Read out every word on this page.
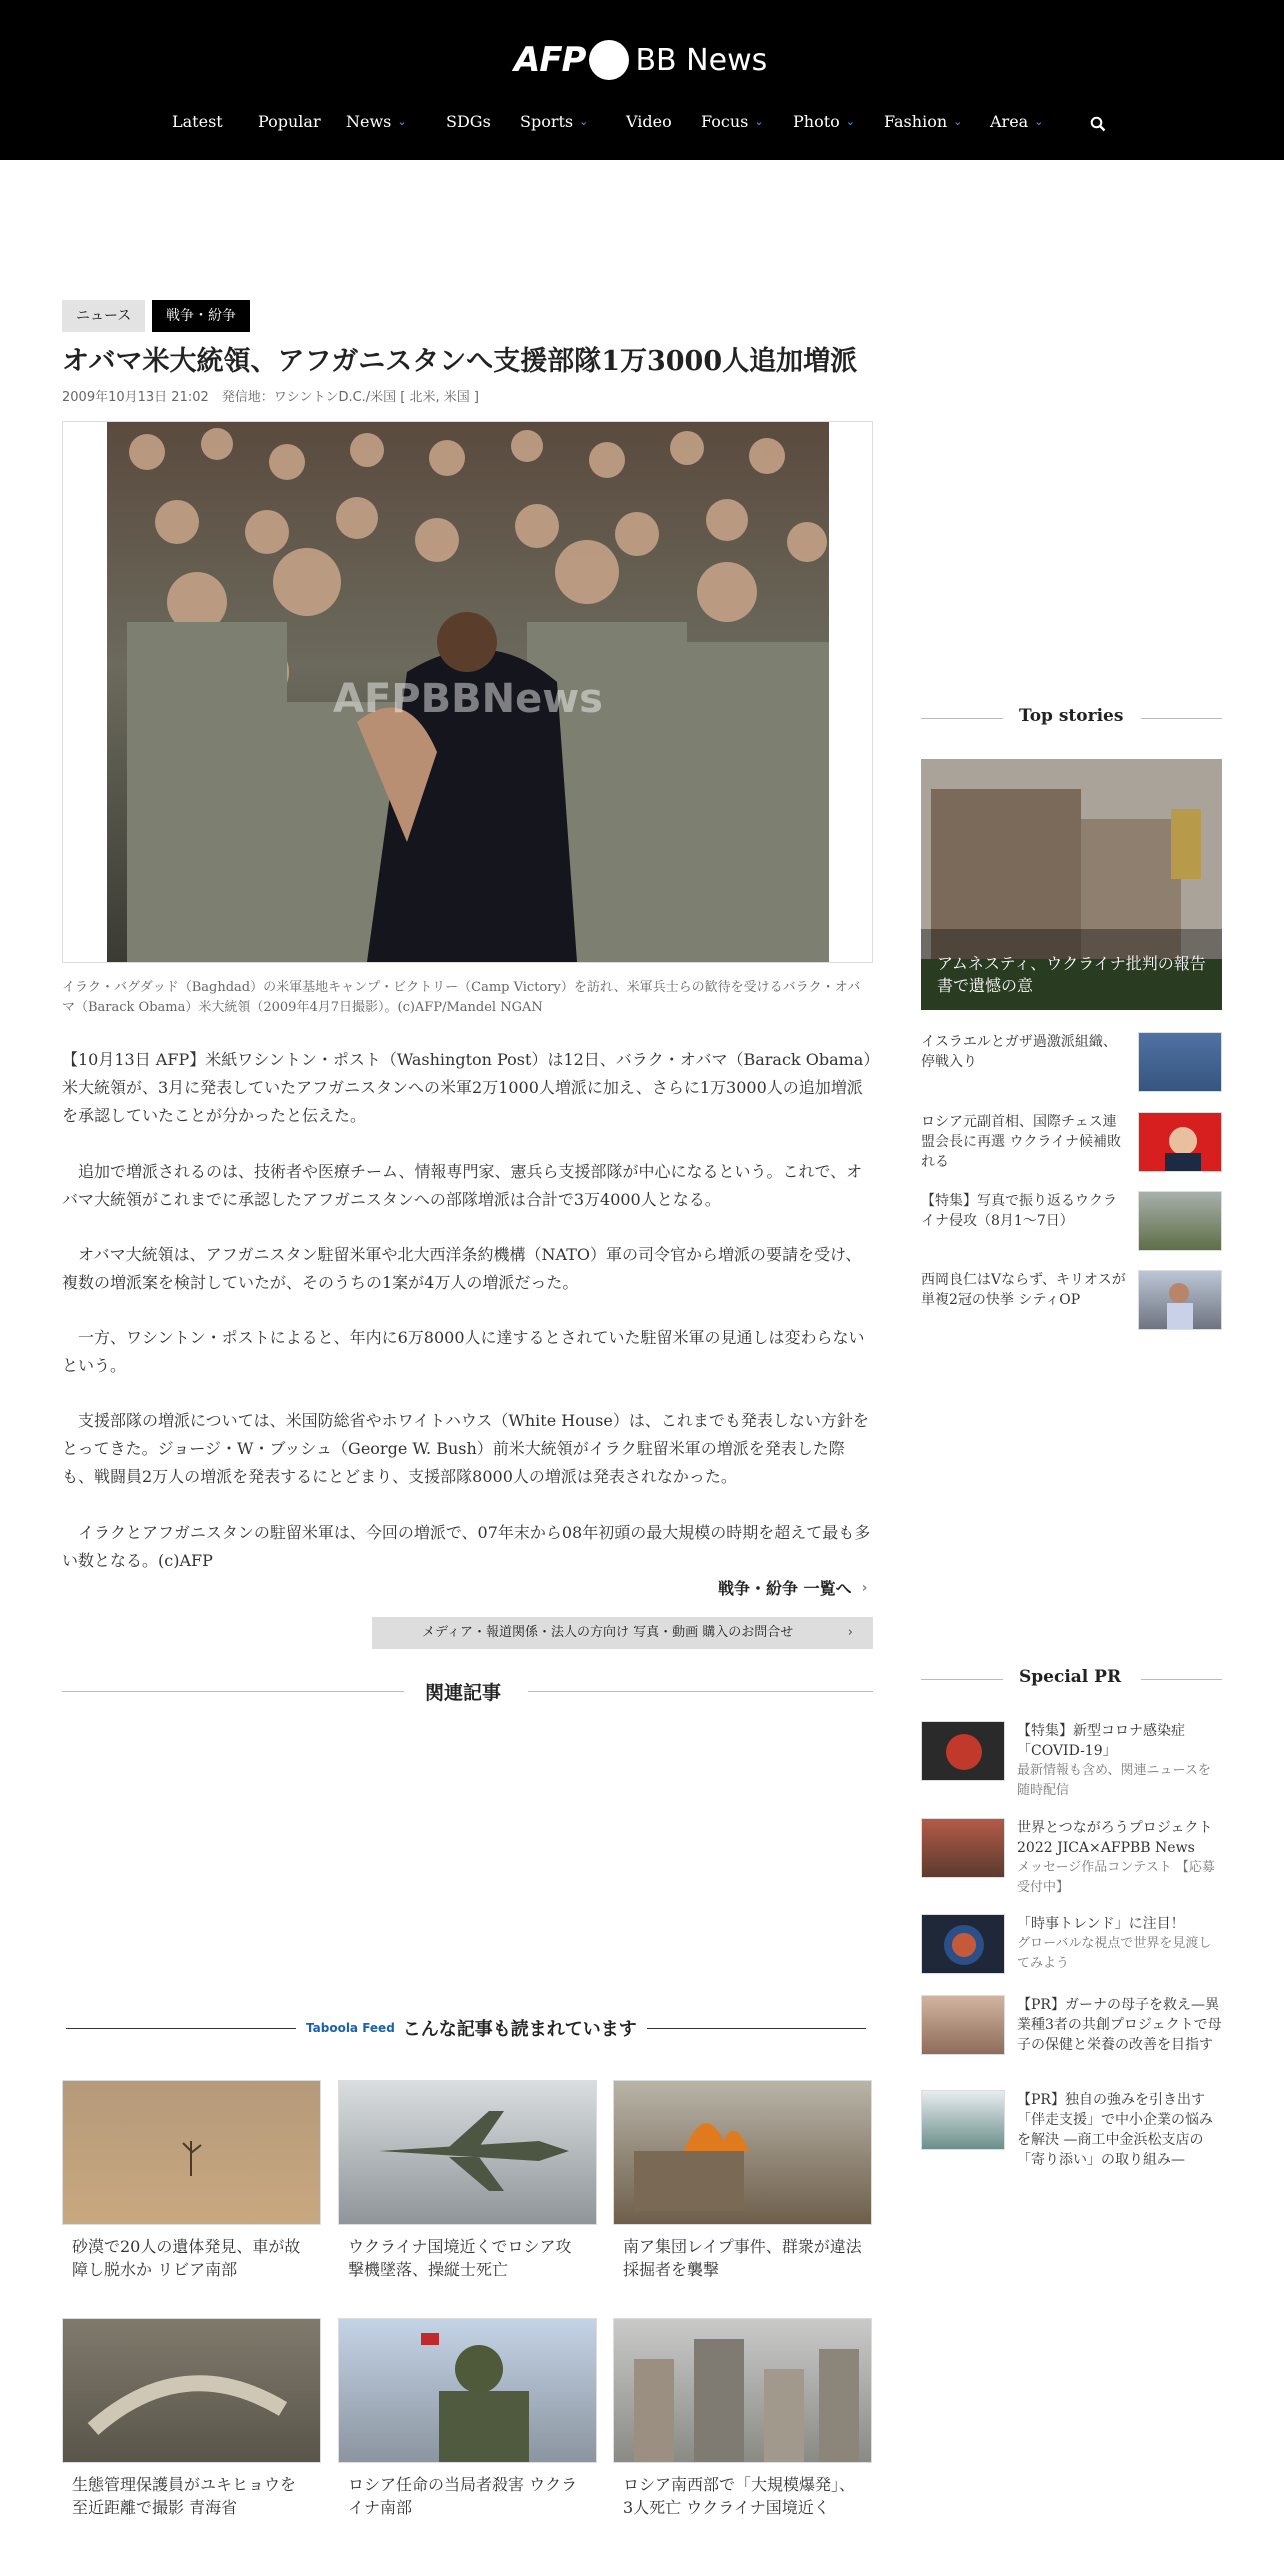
AFP BB News
Latest Popular News ⌄ SDGs Sports ⌄ Video Focus ⌄ Photo ⌄ Fashion ⌄ Area ⌄
ニュース	戦争・紛争
オバマ米大統領、アフガニスタンへ支援部隊1万3000人追加増派
2009年10月13日 21:02　発信地：ワシントンD.C./米国 [ 北米, 米国 ]
AFPBBNews
イラク・バグダッド（Baghdad）の米軍基地キャンプ・ビクトリー（Camp Victory）を訪れ、米軍兵士らの歓待を受けるバラク・オバマ（Barack Obama）米大統領（2009年4月7日撮影）。(c)AFP/Mandel NGAN

【10月13日 AFP】米紙ワシントン・ポスト（Washington Post）は12日、バラク・オバマ（Barack Obama）米大統領が、3月に発表していたアフガニスタンへの米軍2万1000人増派に加え、さらに1万3000人の追加増派を承認していたことが分かったと伝えた。

　追加で増派されるのは、技術者や医療チーム、情報専門家、憲兵ら支援部隊が中心になるという。これで、オバマ大統領がこれまでに承認したアフガニスタンへの部隊増派は合計で3万4000人となる。

　オバマ大統領は、アフガニスタン駐留米軍や北大西洋条約機構（NATO）軍の司令官から増派の要請を受け、複数の増派案を検討していたが、そのうちの1案が4万人の増派だった。

　一方、ワシントン・ポストによると、年内に6万8000人に達するとされていた駐留米軍の見通しは変わらないという。

　支援部隊の増派については、米国防総省やホワイトハウス（White House）は、これまでも発表しない方針をとってきた。ジョージ・W・ブッシュ（George W. Bush）前米大統領がイラク駐留米軍の増派を発表した際も、戦闘員2万人の増派を発表するにとどまり、支援部隊8000人の増派は発表されなかった。

　イラクとアフガニスタンの駐留米軍は、今回の増派で、07年末から08年初頭の最大規模の時期を超えて最も多い数となる。(c)AFP

戦争・紛争 一覧へ ›
メディア・報道関係・法人の方向け 写真・動画 購入のお問合せ	›
関連記事
Taboola Feed こんな記事も読まれています
砂漠で20人の遺体発見、車が故障し脱水か リビア南部
ウクライナ国境近くでロシア攻撃機墜落、操縦士死亡
南ア集団レイプ事件、群衆が違法採掘者を襲撃
生態管理保護員がユキヒョウを至近距離で撮影 青海省
ロシア任命の当局者殺害 ウクライナ南部
ロシア南西部で「大規模爆発」、3人死亡 ウクライナ国境近く
Top stories
アムネスティ、ウクライナ批判の報告書で遺憾の意
イスラエルとガザ過激派組織、停戦入り
ロシア元副首相、国際チェス連盟会長に再選 ウクライナ候補敗れる
【特集】写真で振り返るウクライナ侵攻（8月1～7日）
西岡良仁はVならず、キリオスが単複2冠の快挙 シティOP
Special PR
【特集】新型コロナ感染症「COVID-19」
最新情報も含め、関連ニュースを随時配信
世界とつながろうプロジェクト2022 JICA×AFPBB News
メッセージ作品コンテスト 【応募受付中】
「時事トレンド」に注目！
グローバルな視点で世界を見渡してみよう
【PR】ガーナの母子を救え—異業種3者の共創プロジェクトで母子の保健と栄養の改善を目指す
【PR】独自の強みを引き出す「伴走支援」で中小企業の悩みを解決 —商工中金浜松支店の「寄り添い」の取り組み—
